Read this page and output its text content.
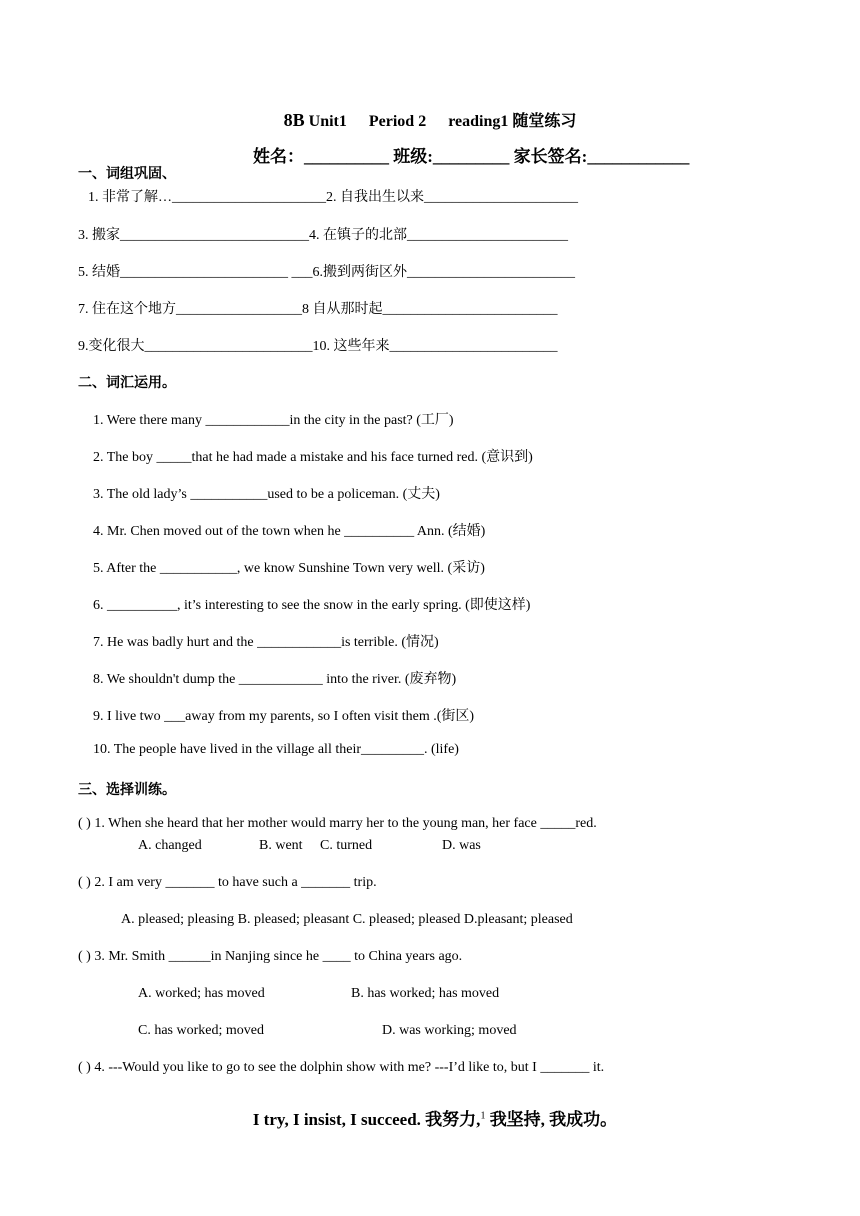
8B Unit1 Period 2 reading1 随堂练习
姓名：__________ 班级:_________ 家长签名:____________
一、词组巩固、
1. 非常了解…______________________2. 自我出生以来______________________
3. 搬家___________________________4. 在镇子的北部_______________________
5. 结婚________________________ ___6.搬到两街区外________________________
7. 住在这个地方__________________8 自从那时起_________________________
9.变化很大________________________10. 这些年来________________________
二、词汇运用。
1. Were there many ____________in the city in the past? (工厂)
2. The boy _____that he had made a mistake and his face turned red. (意识到)
3. The old lady’s ___________used to be a policeman. (丈夫)
4. Mr. Chen moved out of the town when he __________ Ann. (结婚)
5. After the ___________, we know Sunshine Town very well. (采访)
6. __________, it’s interesting to see the snow in the early spring. (即使这样)
7. He was badly hurt and the ____________is terrible. (情况)
8. We shouldn't dump the ____________ into the river. (废弃物)
9. I live two ___away from my parents, so I often visit them .(街区)
10. The people have lived in the village all their_________. (life)
三、选择训练。
( ) 1. When she heard that her mother would marry her to the young man, her face _____red.
A. changed	B. went C. turned	D. was
( ) 2. I am very _______ to have such a _______ trip.
A. pleased; pleasing B. pleased; pleasant C. pleased; pleased D.pleasant; pleased
( ) 3. Mr. Smith ______in Nanjing since he ____ to China years ago.
A. worked; has moved	B. has worked; has moved
C. has worked; moved	D. was working; moved
( ) 4. ---Would you like to go to see the dolphin show with me? ---I’d like to, but I _______ it.
I try, I insist, I succeed. 我努力,$^1$ 我坚持, 我成功。
